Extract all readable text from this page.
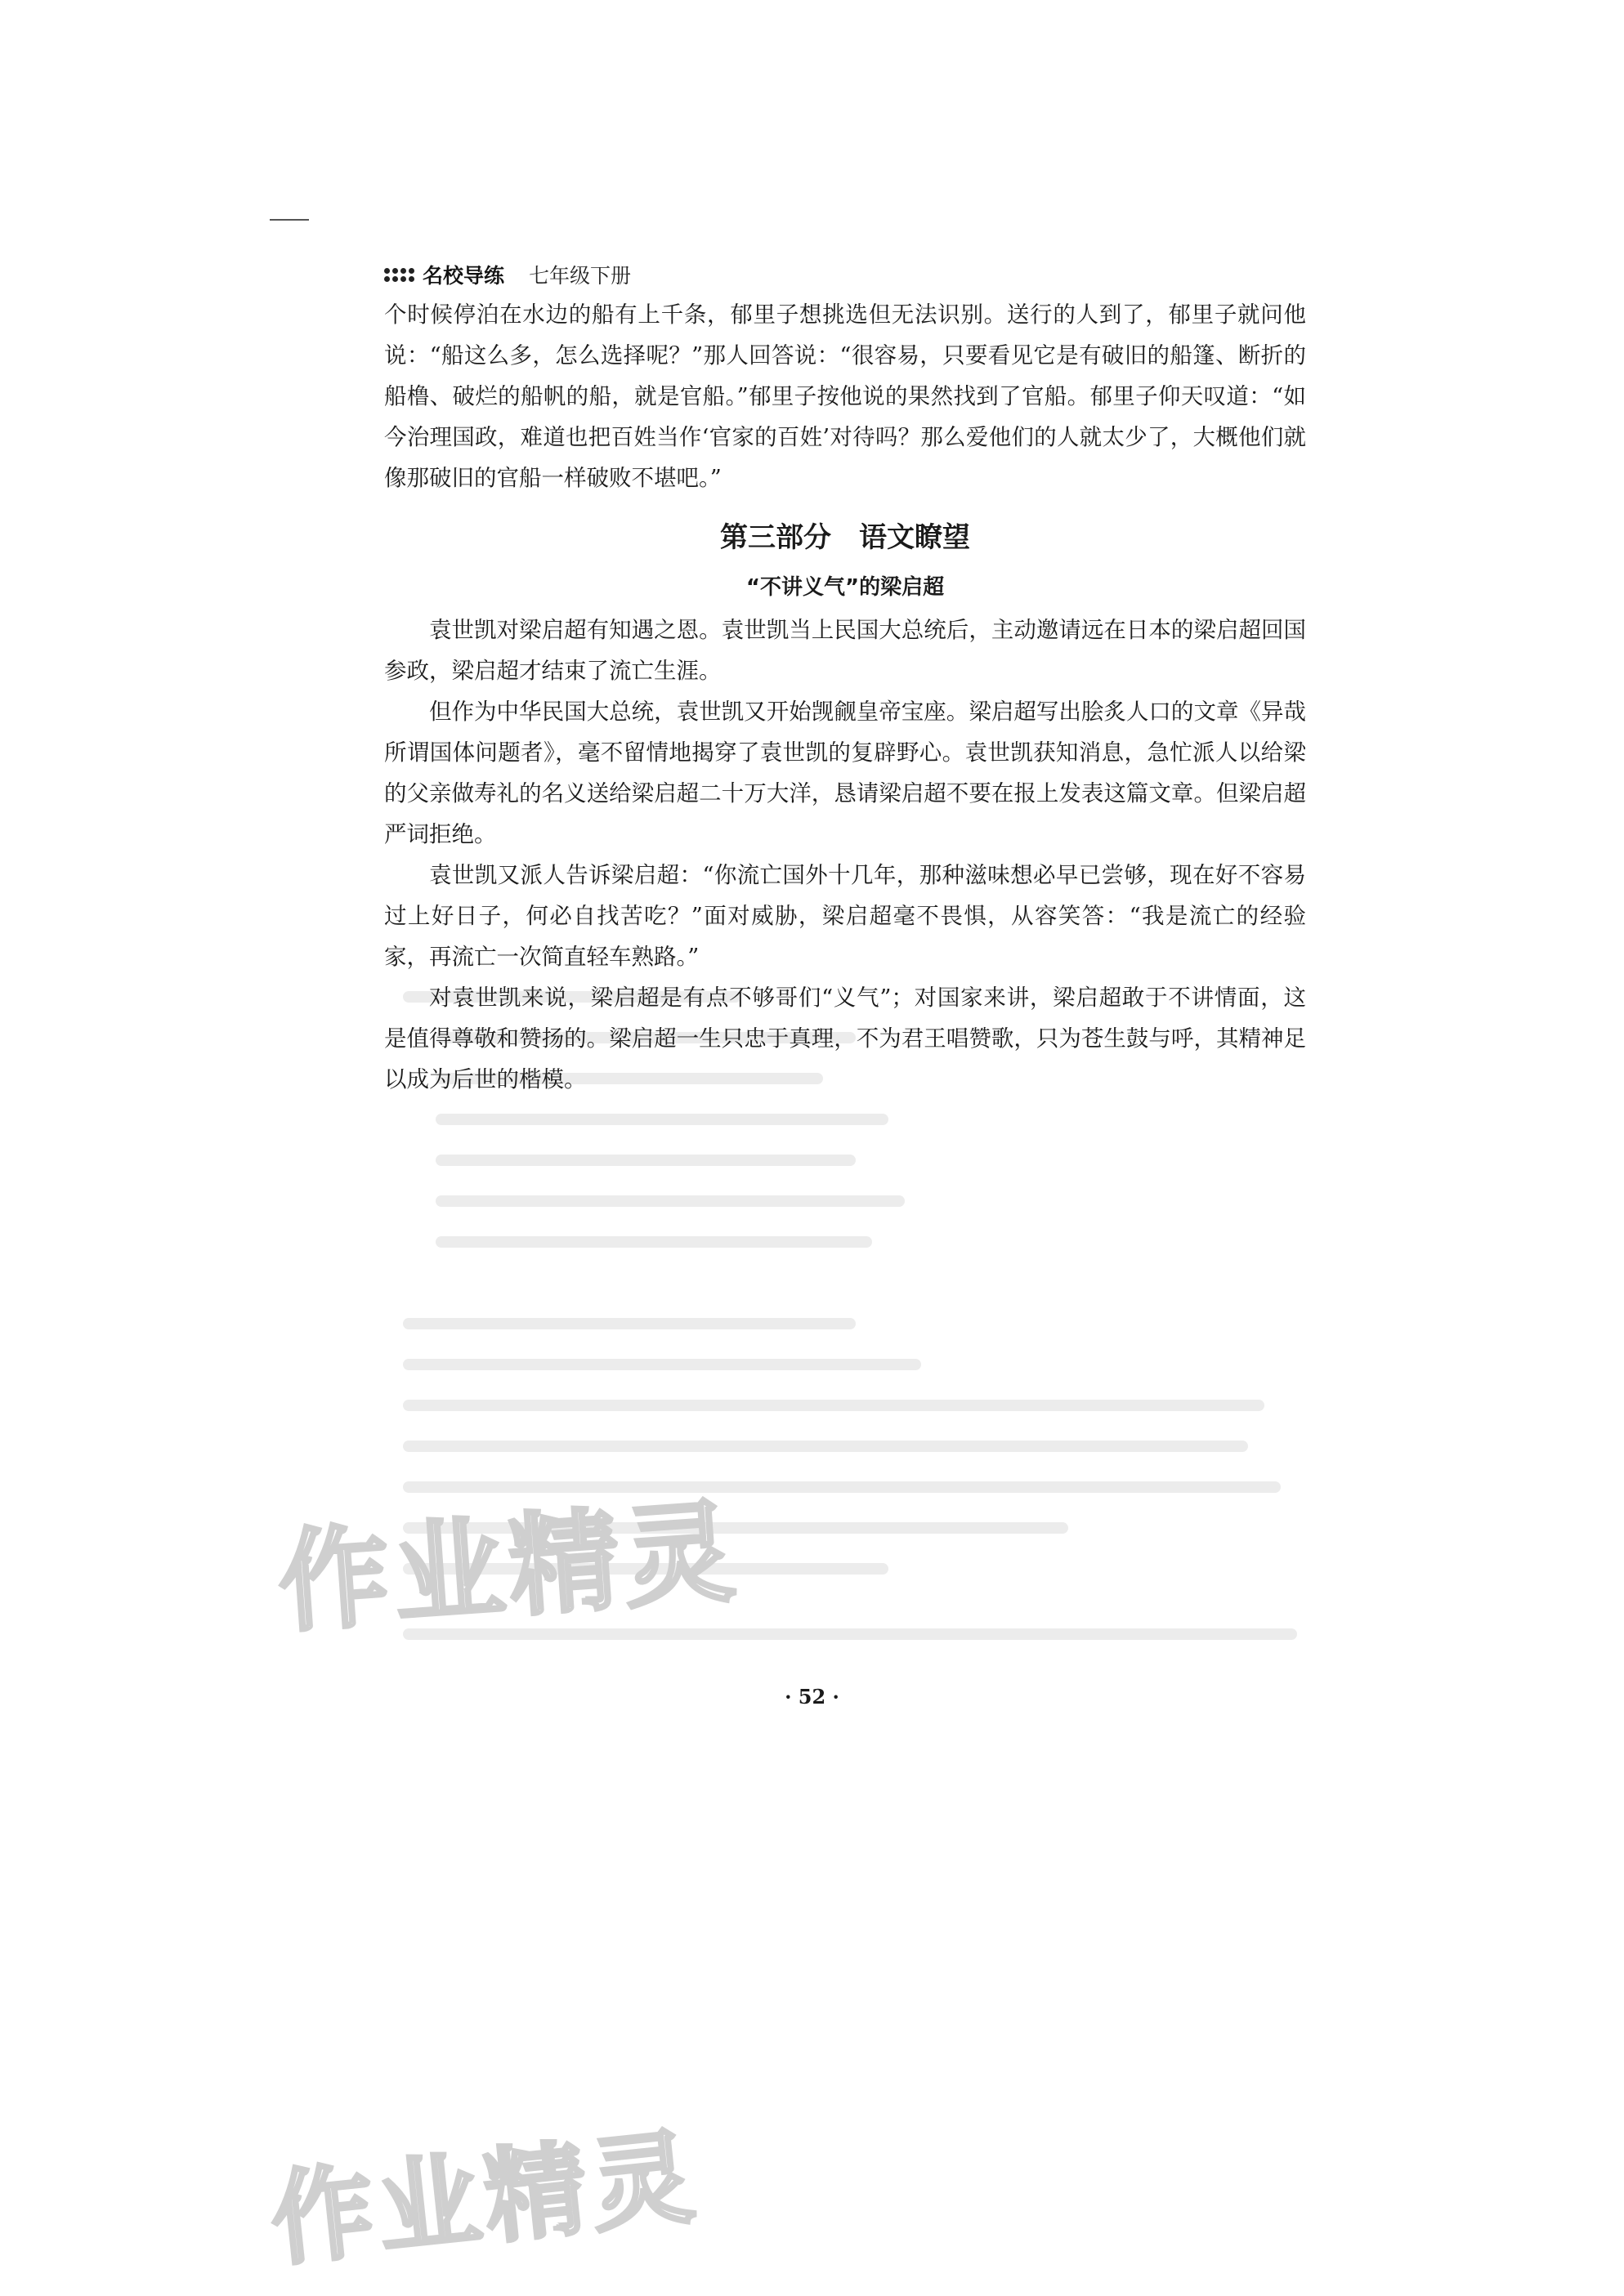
名校导练 七年级下册

个时候停泊在水边的船有上千条，郁里子想挑选但无法识别。送行的人到了，郁里子就问他说：“船这么多，怎么选择呢？”那人回答说：“很容易，只要看见它是有破旧的船篷、断折的船橹、破烂的船帆的船，就是官船。”郁里子按他说的果然找到了官船。郁里子仰天叹道：“如今治理国政，难道也把百姓当作‘官家的百姓’对待吗？那么爱他们的人就太少了，大概他们就像那破旧的官船一样破败不堪吧。”

第三部分　语文瞭望
“不讲义气”的梁启超

袁世凯对梁启超有知遇之恩。袁世凯当上民国大总统后，主动邀请远在日本的梁启超回国参政，梁启超才结束了流亡生涯。

但作为中华民国大总统，袁世凯又开始觊觎皇帝宝座。梁启超写出脍炙人口的文章《异哉所谓国体问题者》，毫不留情地揭穿了袁世凯的复辟野心。袁世凯获知消息，急忙派人以给梁的父亲做寿礼的名义送给梁启超二十万大洋，恳请梁启超不要在报上发表这篇文章。但梁启超严词拒绝。

袁世凯又派人告诉梁启超：“你流亡国外十几年，那种滋味想必早已尝够，现在好不容易过上好日子，何必自找苦吃？”面对威胁，梁启超毫不畏惧，从容笑答：“我是流亡的经验家，再流亡一次简直轻车熟路。”

对袁世凯来说，梁启超是有点不够哥们“义气”；对国家来讲，梁启超敢于不讲情面，这是值得尊敬和赞扬的。梁启超一生只忠于真理，不为君王唱赞歌，只为苍生鼓与呼，其精神足以成为后世的楷模。

· 52 ·
作业精灵
作业精灵
